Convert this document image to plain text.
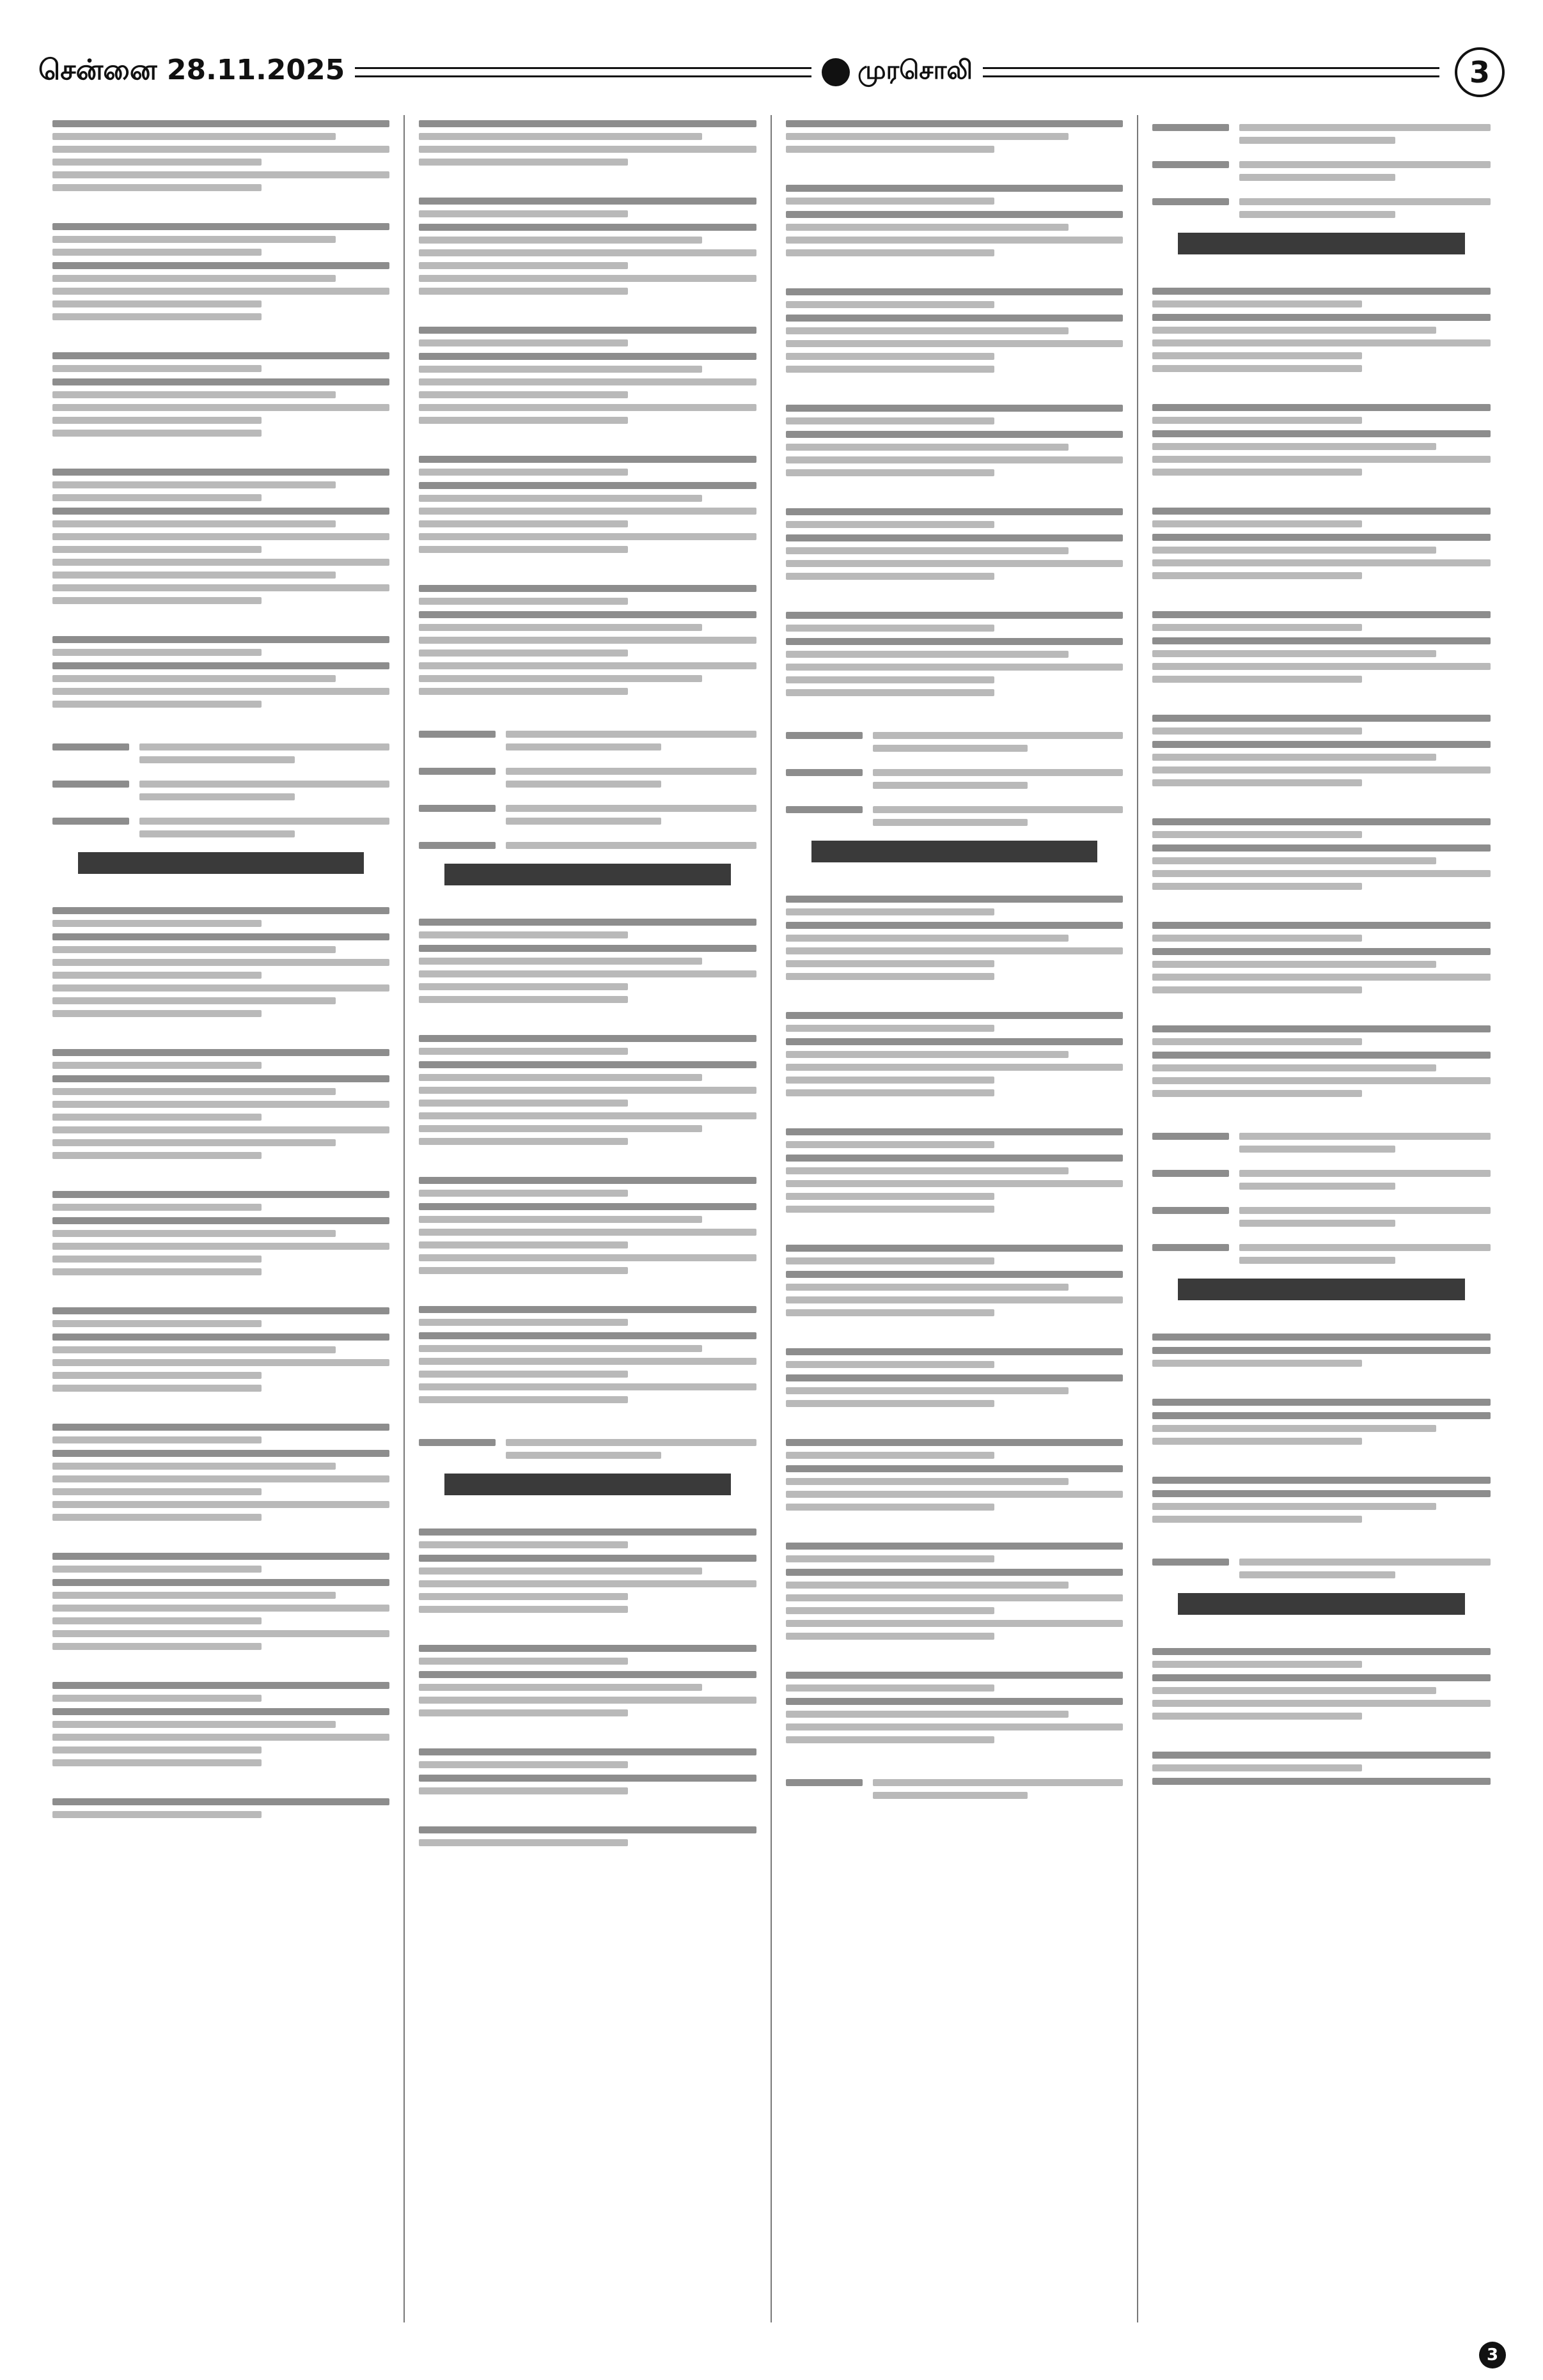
சென்னை 28.11.2025	முரசொலி	3
3
